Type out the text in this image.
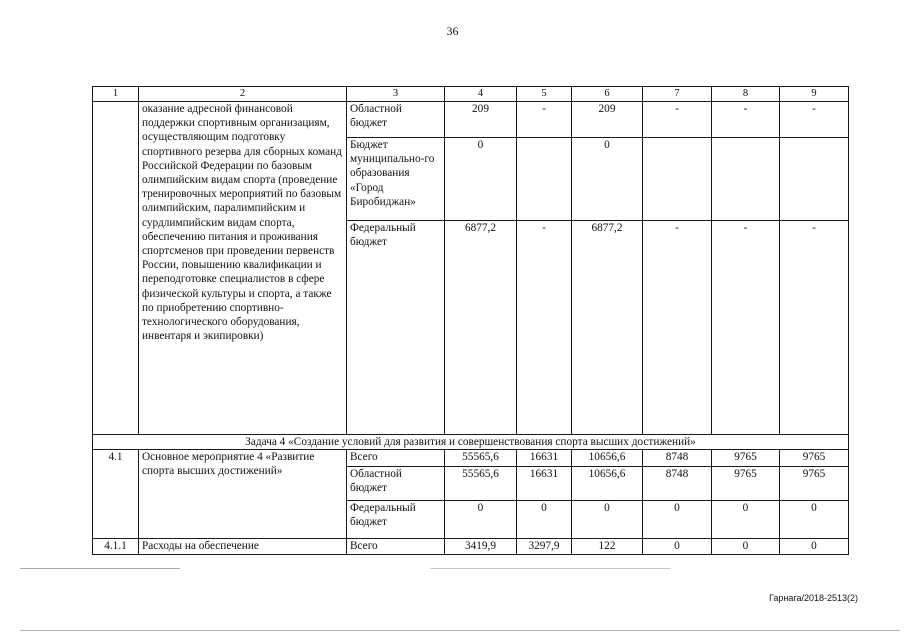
36
1	2	3	4	5	6	7	8	9
	оказание адресной финансовой поддержки спортивным организациям, осуществляющим подготовку спортивного резерва для сборных команд Российской Федерации по базовым олимпийским видам спорта (проведение тренировочных мероприятий по базовым олимпийским, паралимпийским и сурдлимпийским видам спорта, обеспечению питания и проживания спортсменов при проведении первенств России, повышению квалификации и переподготовке специалистов в сфере физической культуры и спорта, а также по приобретению спортивно-технологического оборудования, инвентаря и экипировки)	Областной бюджет	209	-	209	-	-	-
		Бюджет муниципально-го образования «Город Биробиджан»	0		0			
		Федеральный бюджет	6877,2	-	6877,2	-	-	-
Задача 4 «Создание условий для развития и совершенствования спорта высших достижений»								
4.1	Основное мероприятие 4 «Развитие спорта высших достижений»	Всего	55565,6	16631	10656,6	8748	9765	9765
		Областной бюджет	55565,6	16631	10656,6	8748	9765	9765
		Федеральный бюджет	0	0	0	0	0	0
4.1.1	Расходы на обеспечение	Всего	3419,9	3297,9	122	0	0	0
Гарнага/2018-2513(2)
